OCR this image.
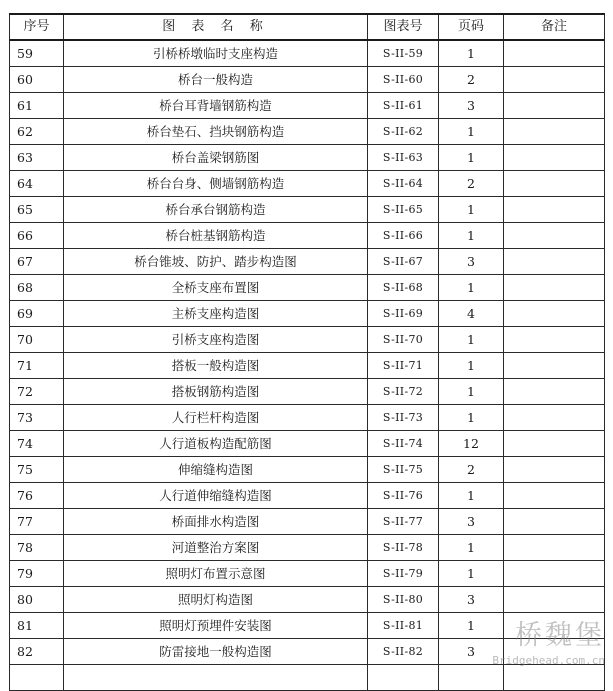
序号	图 表 名 称	图表号	页码	备注
59	引桥桥墩临时支座构造	S-II-59	1	
60	桥台一般构造	S-II-60	2	
61	桥台耳背墙钢筋构造	S-II-61	3	
62	桥台垫石、挡块钢筋构造	S-II-62	1	
63	桥台盖梁钢筋图	S-II-63	1	
64	桥台台身、侧墙钢筋构造	S-II-64	2	
65	桥台承台钢筋构造	S-II-65	1	
66	桥台桩基钢筋构造	S-II-66	1	
67	桥台锥坡、防护、踏步构造图	S-II-67	3	
68	全桥支座布置图	S-II-68	1	
69	主桥支座构造图	S-II-69	4	
70	引桥支座构造图	S-II-70	1	
71	搭板一般构造图	S-II-71	1	
72	搭板钢筋构造图	S-II-72	1	
73	人行栏杆构造图	S-II-73	1	
74	人行道板构造配筋图	S-II-74	12	
75	伸缩缝构造图	S-II-75	2	
76	人行道伸缩缝构造图	S-II-76	1	
77	桥面排水构造图	S-II-77	3	
78	河道整治方案图	S-II-78	1	
79	照明灯布置示意图	S-II-79	1	
80	照明灯构造图	S-II-80	3	
81	照明灯预埋件安装图	S-II-81	1	
82	防雷接地一般构造图	S-II-82	3	

桥魏堡
Bridgehead.com.cn
